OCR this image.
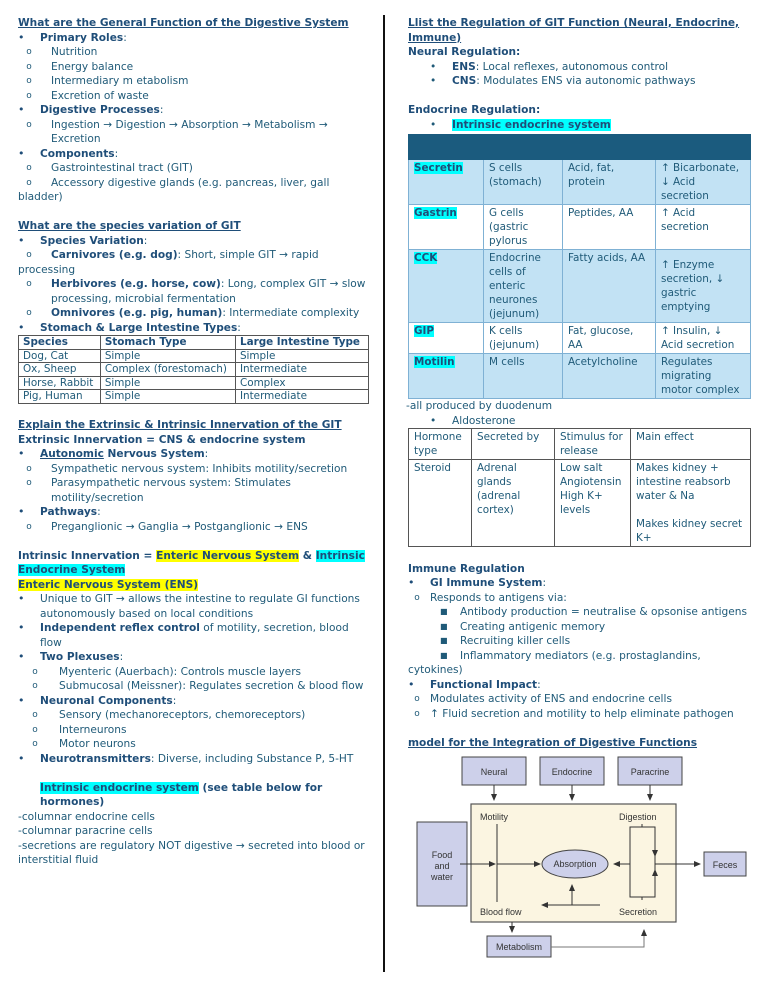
What are the General Function of the Digestive System
• Primary Roles:
o	Nutrition
o	Energy balance
o	Intermediary m etabolism
o	Excretion of waste
• Digestive Processes:
o	Ingestion → Digestion → Absorption → Metabolism →
Excretion
• Components:
o	Gastrointestinal tract (GIT)
o	Accessory digestive glands (e.g. pancreas, liver, gall bladder)
What are the species variation of GIT
• Species Variation:
o	Carnivores (e.g. dog): Short, simple GIT → rapid processing
o	Herbivores (e.g. horse, cow): Long, complex GIT → slow
processing, microbial fermentation
o	Omnivores (e.g. pig, human): Intermediate complexity
• Stomach & Large Intestine Types:
Species	Stomach Type	Large Intestine Type
Dog, Cat	Simple	Simple
Ox, Sheep	Complex (forestomach)	Intermediate
Horse, Rabbit	Simple	Complex
Pig, Human	Simple	Intermediate
Explain the Extrinsic & Intrinsic Innervation of the GIT
Extrinsic Innervation = CNS & endocrine system
• Autonomic Nervous System:
o	Sympathetic nervous system: Inhibits motility/secretion
o	Parasympathetic nervous system: Stimulates
motility/secretion
• Pathways:
o	Preganglionic → Ganglia → Postganglionic → ENS
Intrinsic Innervation = Enteric Nervous System & Intrinsic
Endocrine System
Enteric Nervous System (ENS)
• Unique to GIT → allows the intestine to regulate GI functions
autonomously based on local conditions
• Independent reflex control of motility, secretion, blood flow
• Two Plexuses:
o	Myenteric (Auerbach): Controls muscle layers
o	Submucosal (Meissner): Regulates secretion & blood flow
• Neuronal Components:
o	Sensory (mechanoreceptors, chemoreceptors)
o	Interneurons
o	Motor neurons
• Neurotransmitters: Diverse, including Substance P, 5-HT
Intrinsic endocrine system (see table below for hormones)
-columnar endocrine cells
-columnar paracrine cells
-secretions are regulatory NOT digestive → secreted into blood or
interstitial fluid
Llist the Regulation of GIT Function (Neural, Endocrine,
Immune)
Neural Regulation:
• ENS: Local reflexes, autonomous control
• CNS: Modulates ENS via autonomic pathways
Endocrine Regulation:
• Intrinsic endocrine system

Secretin	S cells (stomach)	Acid, fat, protein	↑ Bicarbonate, ↓ Acid secretion
Gastrin	G cells (gastric pylorus	Peptides, AA	↑ Acid secretion
CCK	Endocrine cells of enteric neurones (jejunum)	Fatty acids, AA	↑ Enzyme secretion, ↓ gastric emptying
GIP	K cells (jejunum)	Fat, glucose, AA	↑ Insulin, ↓ Acid secretion
Motilin	M cells	Acetylcholine	Regulates migrating motor complex
-all produced by duodenum
• Aldosterone
Hormone type	Secreted by	Stimulus for release	Main effect
Steroid	Adrenal glands (adrenal cortex)	Low salt Angiotensin High K+ levels	Makes kidney + intestine reabsorb water & Na
Makes kidney secret K+
Immune Regulation
• GI Immune System:
o Responds to antigens via:
■ Antibody production = neutralise & opsonise antigens
■ Creating antigenic memory
■ Recruiting killer cells
■ Inflammatory mediators (e.g. prostaglandins, cytokines)
• Functional Impact:
o Modulates activity of ENS and endocrine cells
o ↑ Fluid secretion and motility to help eliminate pathogen
model for the Integration of Digestive Functions
Neural	Endocrine	Paracrine
Food
and
water
Motility
Absorption
Blood flow
Digestion
Secretion
Feces
Metabolism
